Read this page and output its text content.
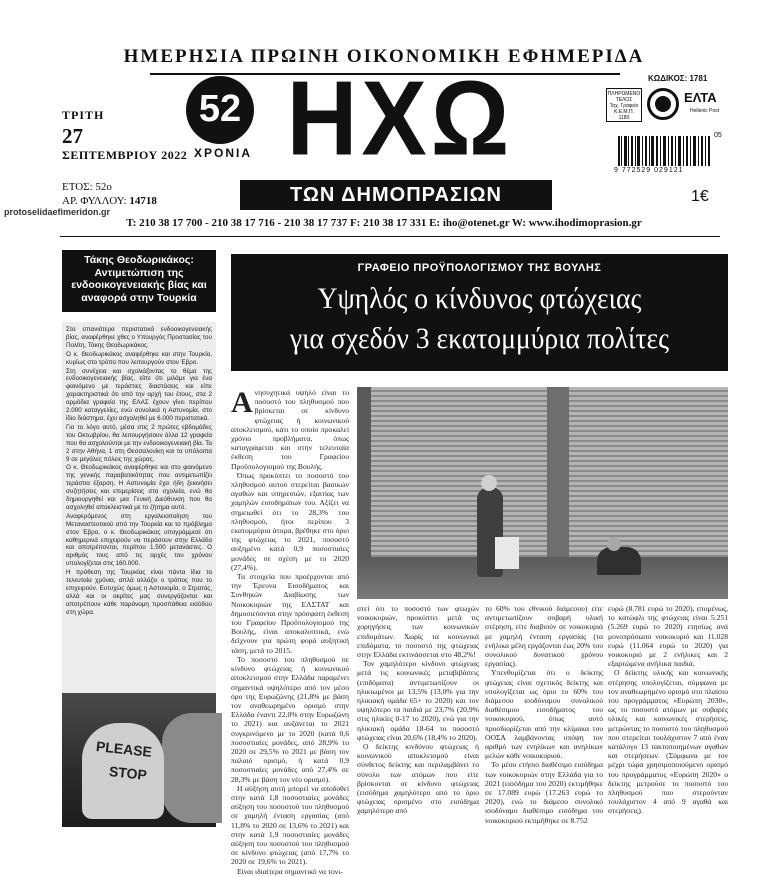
ΗΜΕΡΗΣΙΑ ΠΡΩΙΝΗ ΟΙΚΟΝΟΜΙΚΗ ΕΦΗΜΕΡΙΔΑ
ΤΡΙΤΗ
27
ΣΕΠΤΕΜΒΡΙΟΥ 2022
ΕΤΟΣ: 52ο
ΑΡ. ΦΥΛΛΟΥ: 14718
protoselidaefimeridon.gr
52
ΧΡΟΝΙΑ ΗΧΩ
ΤΩΝ ΔΗΜΟΠΡΑΣΙΩΝ
ΚΩΔΙΚΟΣ: 1781
ΠΛΗΡΩΜΕΝΟ
ΤΕΛΟΣ
Ταχ. Γραφείο
Κ.Ε.Μ.Π.
1180
ΕΛΤΑ
Hellenic Post
9 772529 029121
05
1€
T: 210 38 17 700 - 210 38 17 716 - 210 38 17 737 F: 210 38 17 331 E: iho@otenet.gr W: www.ihodimoprasion.gr
Τάκης Θεοδωρικάκος: Αντιμετώπιση της ενδοοικογενειακής βίας και αναφορά στην Τουρκία

Στα σπανιότερα περιστατικά ενδοοικογενειακής βίας, αναφέρθηκε χθες ο Υπουργός Προστασίας του Πολίτη, Τάκης Θεοδωρικάκος.

Ο κ. Θεοδωρικάκος αναφέρθηκε και στην Τουρκία, κυρίως στο τρόπο που λειτουργούν στον Έβρο.

Στη συνέχεια και σχολιάζοντας το θέμα της ενδοοικογενειακής βίας, είπε ότι μιλάμε για ένα φαινόμενο με τεράστιες διαστάσεις και είπε χαρακτηριστικά ότι από την αρχή του έτους, στα 2 αρμόδια γραφεία της ΕΛΑΣ έχουν γίνει περίπου 2.000 καταγγελίες, ενώ συνολικά η Αστυνομία, στο ίδιο διάστημα, έχει ασχοληθεί με 6.000 περιστατικά.

Για το λόγο αυτό, μέσα στις 2 πρώτες εβδομάδες του Οκτωβρίου, θα λειτουργήσουν άλλα 12 γραφεία που θα ασχολούνται με την ενδοοικογενειακή βία. Τα 2 στην Αθήνα, 1 στη Θεσσαλονίκη και τα υπόλοιπα 9 σε μεγάλες πόλεις της χώρας.

Ο κ. Θεοδωρικάκος αναφέρθηκε και στο φαινόμενο της γενικής παραβατικότητας που αντιμετωπίζει τεράστια έξαρση. Η Αστυνομία έχει ήδη ξεκινήσει συζητήσεις και επιμερίσεις στα σχολεία, ενώ θα δημιουργηθεί και μια Γενική Διεύθυνση που θα ασχοληθεί αποκλειστικά με το ζήτημα αυτό.

Αναφερόμενος στη εργαλειοποίηση του Μεταναστευτικού από την Τουρκία και το πρόβλημα στον Έβρο, ο κ. Θεοδωρικάκος υπογράμμισε ότι καθημερινά επιχειρούν να περάσουν στην Ελλάδα και αποτρέπονται, περίπου 1.500 μετανάστες. Ο αριθμός τους από τις αρχές του χρόνου υπολογίζεται στις 160.000.

Η πρόθεση της Τουρκίας είναι πάντα ίδια τα τελευταία χρόνια, απλά αλλάζει ο τρόπος που το επιχειρούν. Ευτυχώς όμως η Αστυνομία, ο Στρατός, αλλά και οι ακρίτες μας συνεργάζονται και αποτρέπουν κάθε παράνομη προσπάθεια εισόδου στη χώρα.

PLEASE
STOP
ΓΡΑΦΕΙΟ ΠΡΟΫΠΟΛΟΓΙΣΜΟΥ ΤΗΣ ΒΟΥΛΗΣ
Υψηλός ο κίνδυνος φτώχειας
για σχεδόν 3 εκατομμύρια πολίτες

Ανησυχητικά υψηλό είναι το ποσοστό του πληθυσμού που βρίσκεται σε κίνδυνο φτώχειας ή κοινωνικού αποκλεισμού, κάτι το οποίο προκαλεί χρόνιο προβλήματα, όπως καταγράφεται και στην τελευταία έκθεση του Γραφείου Προϋπολογισμού της Βουλής.

Όπως προκύπτει το ποσοστό του πληθυσμού αυτού στερείται βασικών αγαθών και υπηρεσιών, εξαιτίας των χαμηλών εισοδημάτων του. Αξίζει να σημειωθεί ότι το 28,3% του πληθυσμού, ήτοι περίπου 3 εκατομμύρια άτομα, βρέθηκε στο όριο της φτώχειας το 2021, ποσοστό αυξημένο κατά 0,9 ποσοστιαίες μονάδες σε σχέση με το 2020 (27,4%).

Τα στοιχεία που προέρχονται από την Έρευνα Εισοδήματος και Συνθηκών Διαβίωσης των Νοικοκυριών της ΕΛΣΤΑΤ και δημοσιεύονται στην πρόσφατη έκθεση του Γραφείου Προϋπολογισμού της Βουλής, είναι αποκαλυπτικά, ενώ δείχνουν για πρώτη φορά αυξητική τάση, μετά το 2015.

Το ποσοστό του πληθυσμού σε κίνδυνο φτώχειας ή κοινωνικού αποκλεισμού στην Ελλάδα παραμένει σημαντικά υψηλότερο από τον μέσο όρο της Ευρωζώνης (21,8% με βάση τον αναθεωρημένο ορισμό στην Ελλάδα έναντι 22,0% στην Ευρωζώνη το 2021) και αυξάνεται το 2021 συγκρινόμενο με το 2020 (κατά 0,6 ποσοστιαίες μονάδες, από 28,9% το 2020 σε 29,5% το 2021 με βάση τον παλαιό ορισμό, ή κατά 0,9 ποσοστιαίες μονάδες από 27,4% σε 28,3% με βάση τον νέο ορισμό).

Η αύξηση αυτή μπορεί να αποδοθεί στην κατά 1,8 ποσοστιαίες μονάδες αύξηση του ποσοστού του πληθυσμού σε χαμηλή ένταση εργασίας (από 11,8% το 2020 σε 13,6% το 2021) και στην κατά 1,9 ποσοστιαίες μονάδες αύξηση του ποσοστού του πληθυσμού σε κίνδυνο φτώχειας (από 17,7% το 2020 σε 19,6% το 2021).

Είναι ιδιαίτερα σημαντικό να τονι-

στεί ότι το ποσοστό των φτωχών νοικοκυριών, προκύπτει μετά τις χορηγήσεις των κοινωνικών επιδομάτων. Χωρίς τα κοινωνικά επιδόματα, το ποσοστό της φτώχειας στην Ελλάδα εκτινάσσεται στο 48,2%!

Τον χαμηλότερο κίνδυνο φτώχειας μετά τις κοινωνικές μεταβιβάσεις (επιδόματα) αντιμετωπίζουν οι ηλικιωμένοι με 13,5% (13,0% για την ηλικιακή ομάδα 65+ το 2020) και τον υψηλότερο τα παιδιά με 23,7% (20,9% στις ηλικίες 0-17 το 2020), ενώ για την ηλικιακή ομάδα 18-64 το ποσοστό φτώχειας είναι 20,6% (18,4% το 2020).

Ο δείκτης κινδύνου φτώχειας ή κοινωνικού αποκλεισμού είναι σύνθετος δείκτης και περιλαμβάνει το σύνολο των ατόμων που είτε βρίσκονται σε κίνδυνο φτώχειας (εισόδημα χαμηλότερο από το όριο φτώχειας ορισμένο στο εισόδημα χαμηλότερο από

το 60% του εθνικού διάμεσου) είτε αντιμετωπίζουν σοβαρή υλική στέρηση, είτε διαβιούν σε νοικοκυριά με χαμηλή ένταση εργασίας (τα ενήλικα μέλη εργάζονται έως 20% του συνολικού δυνατικού χρόνου εργασίας).

Υπενθυμίζεται ότι ο δείκτης φτώχειας είναι σχετικός δείκτης και υπολογίζεται ως όριο το 60% του διάμεσου ισοδύναμου συνολικού διαθέσιμου εισοδήματος του νοικοκυριού, όπως αυτό προσδιορίζεται από την κλίμακα του ΟΟΣΑ λαμβάνοντας υπόψη τον αριθμό των ενηλίκων και ανηλίκων μελών κάθε νοικοκυριού.

Το μέσο ετήσιο διαθέσιμο εισόδημα των νοικοκυριών στην Ελλάδα για το 2021 (εισόδημα του 2020) εκτιμήθηκε σε 17.089 ευρώ (17.263 ευρώ το 2020), ενώ το διάμεσο συνολικό ισοδύναμο διαθέσιμο εισόδημα του νοικοκυριού εκτιμήθηκε σε 8.752

ευρώ (8.781 ευρώ το 2020), επομένως, το κατώφλι της φτώχειας είναι 5.251 (5.269 ευρώ το 2020) ετησίως ανά μονοπρόσωπο νοικοκυριό και 11.028 ευρώ (11.064 ευρώ το 2020) για νοικοκυριό με 2 ενήλικες και 2 εξαρτώμενα ανήλικα παιδιά.

Ο δείκτης υλικής και κοινωνικής στέρησης υπολογίζεται, σύμφωνα με τον αναθεωρημένο ορισμό στο πλαίσιο του προγράμματος «Ευρώπη 2030», ως το ποσοστό ατόμων με σοβαρές υλικές και κοινωνικές στερήσεις, μετρώντας το ποσοστό του πληθυσμού που στερείται τουλάχιστον 7 από έναν κατάλογο 13 τακτοποιημένων αγαθών και στερήσεων. (Σύμφωνα με τον μέχρι τώρα χρησιμοποιούμενο ορισμό του προγράμματος «Ευρώπη 2020» ο δείκτης μετρούσε το ποσοστό του πληθυσμού που στερούνταν τουλάχιστον 4 από 9 αγαθά και στερήσεις).
